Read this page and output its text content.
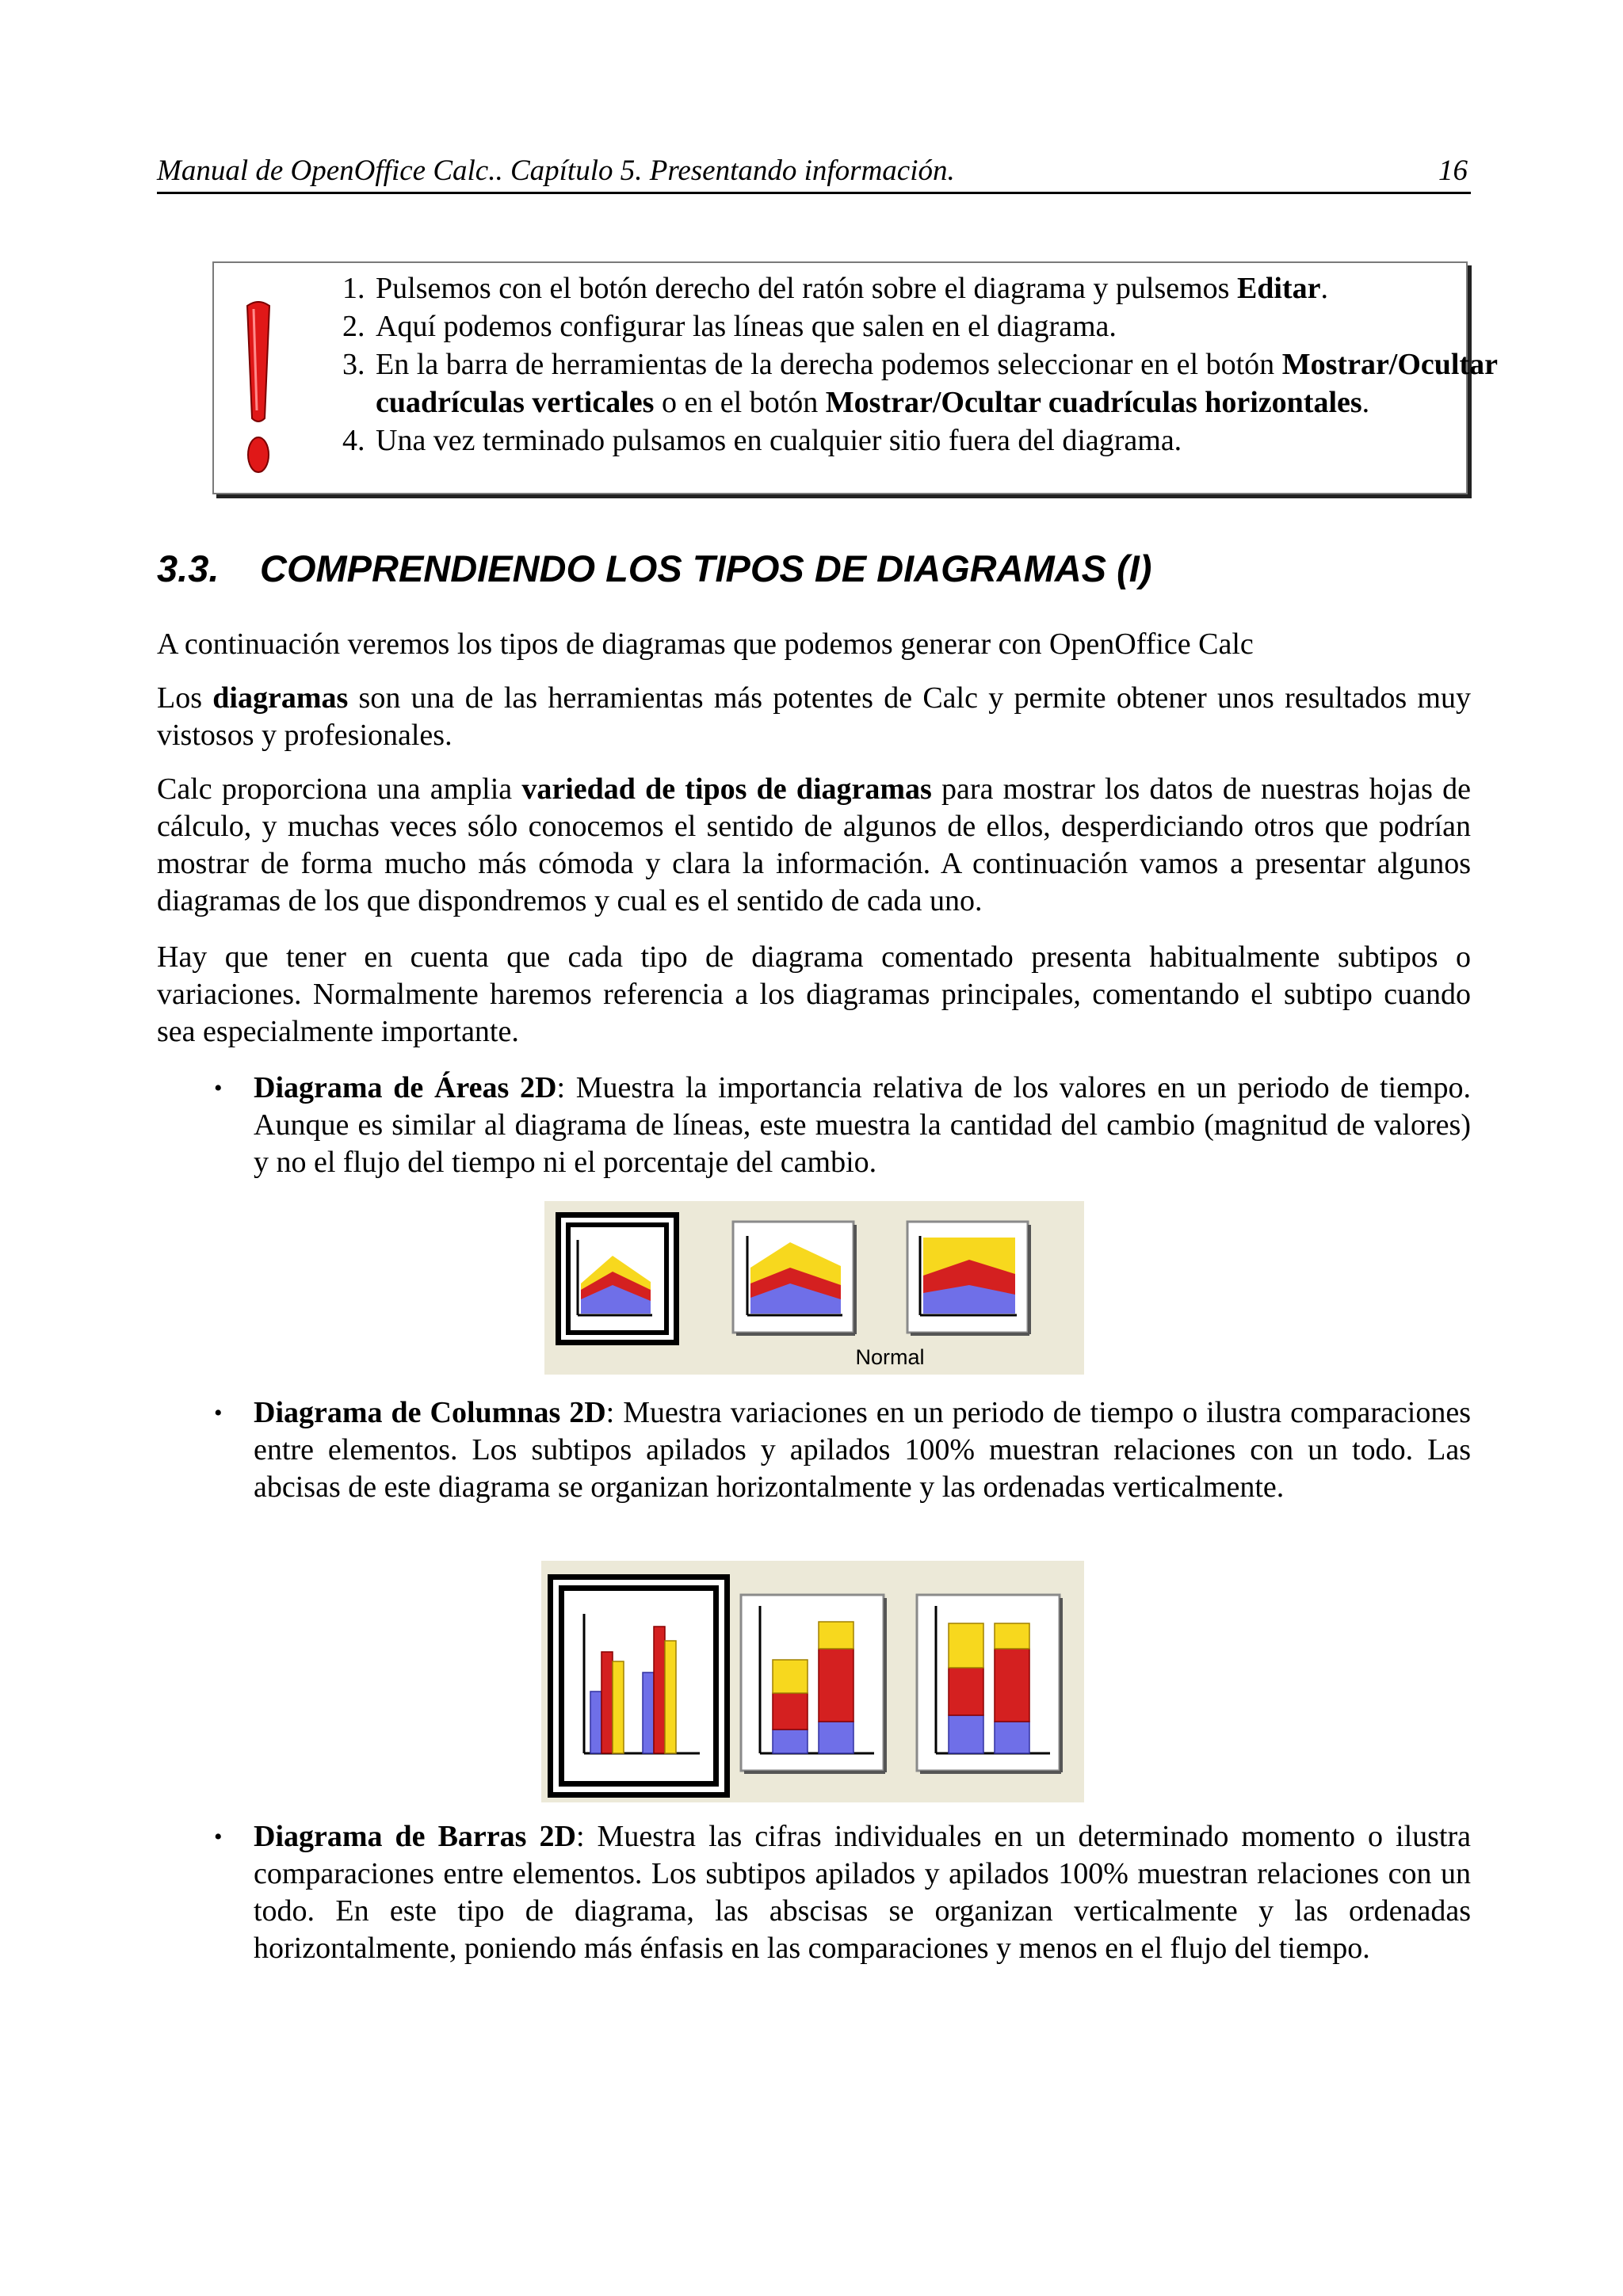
Manual de OpenOffice Calc.. Capítulo 5. Presentando información.	16
1. Pulsemos con el botón derecho del ratón sobre el diagrama y pulsemos Editar.
2. Aquí podemos configurar las líneas que salen en el diagrama.
3. En la barra de herramientas de la derecha podemos seleccionar en el botón Mostrar/Ocultar cuadrículas verticales o en el botón Mostrar/Ocultar cuadrículas horizontales.
4. Una vez terminado pulsamos en cualquier sitio fuera del diagrama.
3.3. COMPRENDIENDO LOS TIPOS DE DIAGRAMAS (I)

A continuación veremos los tipos de diagramas que podemos generar con OpenOffice Calc

Los diagramas son una de las herramientas más potentes de Calc y permite obtener unos resultados muy vistosos y profesionales.

Calc proporciona una amplia variedad de tipos de diagramas para mostrar los datos de nuestras hojas de cálculo, y muchas veces sólo conocemos el sentido de algunos de ellos, desperdiciando otros que podrían mostrar de forma mucho más cómoda y clara la información. A continuación vamos a presentar algunos diagramas de los que dispondremos y cual es el sentido de cada uno.

Hay que tener en cuenta que cada tipo de diagrama comentado presenta habitualmente subtipos o variaciones. Normalmente haremos referencia a los diagramas principales, comentando el subtipo cuando sea especialmente importante.

• Diagrama de Áreas 2D: Muestra la importancia relativa de los valores en un periodo de tiempo. Aunque es similar al diagrama de líneas, este muestra la cantidad del cambio (magnitud de valores) y no el flujo del tiempo ni el porcentaje del cambio.

Normal

• Diagrama de Columnas 2D: Muestra variaciones en un periodo de tiempo o ilustra comparaciones entre elementos. Los subtipos apilados y apilados 100% muestran relaciones con un todo. Las abcisas de este diagrama se organizan horizontalmente y las ordenadas verticalmente.

• Diagrama de Barras 2D: Muestra las cifras individuales en un determinado momento o ilustra comparaciones entre elementos. Los subtipos apilados y apilados 100% muestran relaciones con un todo. En este tipo de diagrama, las abscisas se organizan verticalmente y las ordenadas horizontalmente, poniendo más énfasis en las comparaciones y menos en el flujo del tiempo.
